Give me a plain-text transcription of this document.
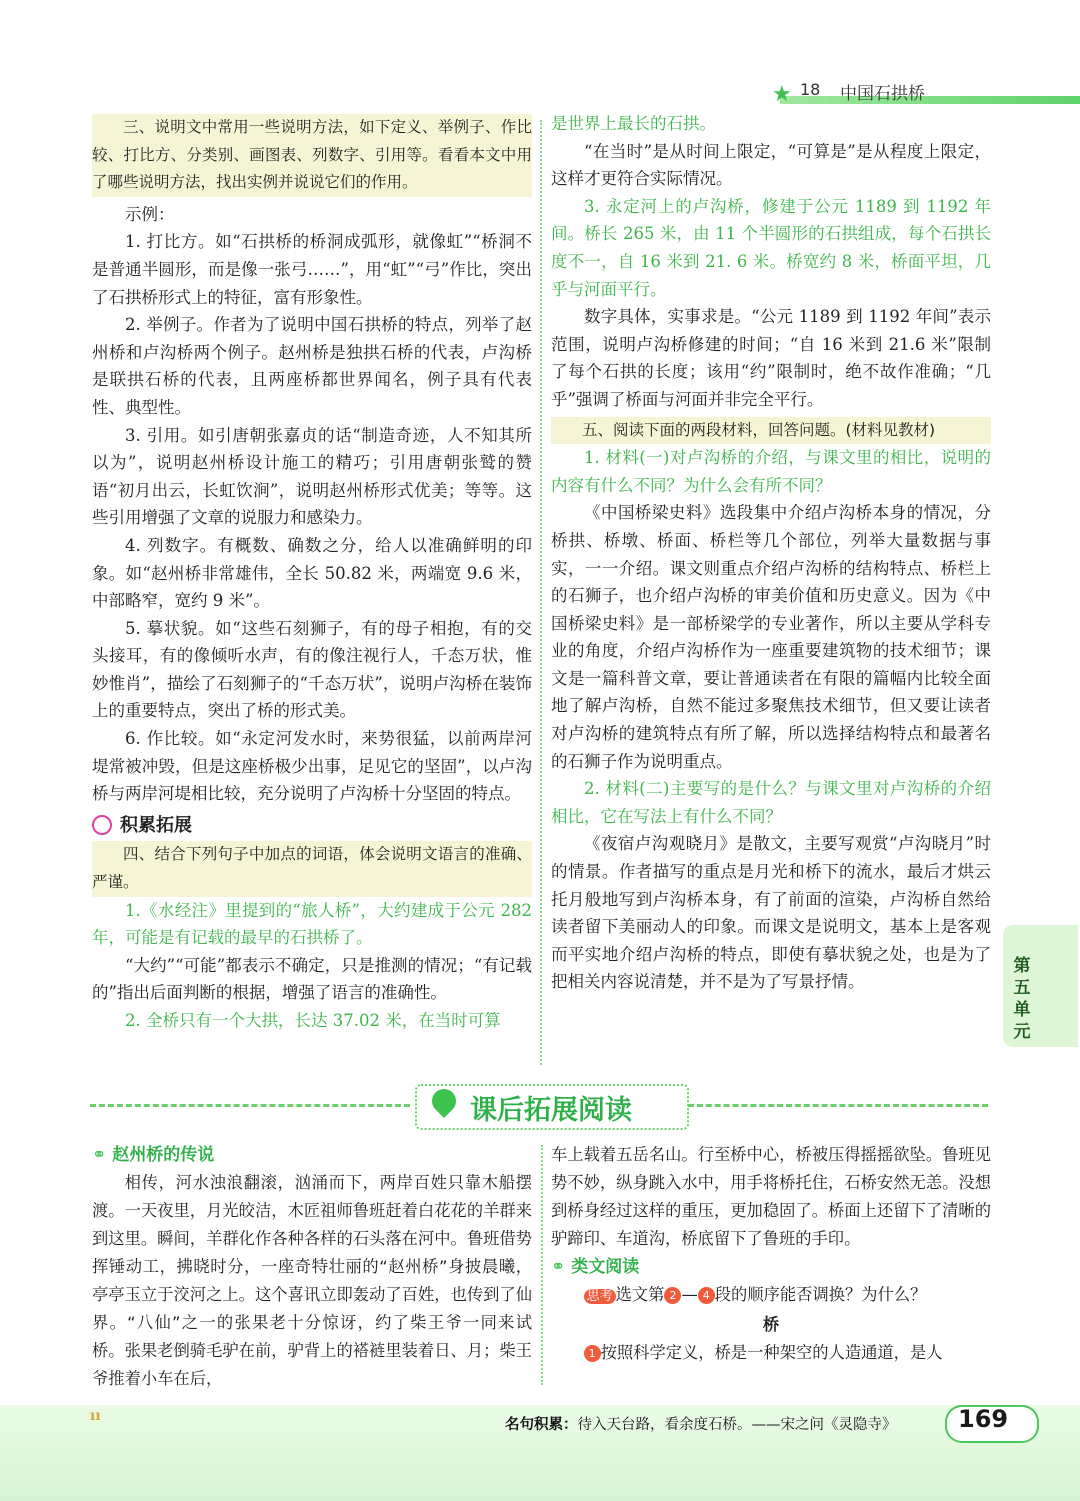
★ 18 中国石拱桥

三、说明文中常用一些说明方法，如下定义、举例子、作比较、打比方、分类别、画图表、列数字、引用等。看看本文中用了哪些说明方法，找出实例并说说它们的作用。

示例：

1. 打比方。如“石拱桥的桥洞成弧形，就像虹”“桥洞不是普通半圆形，而是像一张弓……”，用“虹”“弓”作比，突出了石拱桥形式上的特征，富有形象性。

2. 举例子。作者为了说明中国石拱桥的特点，列举了赵州桥和卢沟桥两个例子。赵州桥是独拱石桥的代表，卢沟桥是联拱石桥的代表，且两座桥都世界闻名，例子具有代表性、典型性。

3. 引用。如引唐朝张嘉贞的话“制造奇迹，人不知其所以为”，说明赵州桥设计施工的精巧；引用唐朝张鹫的赞语“初月出云，长虹饮涧”，说明赵州桥形式优美；等等。这些引用增强了文章的说服力和感染力。

4. 列数字。有概数、确数之分，给人以准确鲜明的印象。如“赵州桥非常雄伟，全长 50.82 米，两端宽 9.6 米，中部略窄，宽约 9 米”。

5. 摹状貌。如“这些石刻狮子，有的母子相抱，有的交头接耳，有的像倾听水声，有的像注视行人，千态万状，惟妙惟肖”，描绘了石刻狮子的“千态万状”，说明卢沟桥在装饰上的重要特点，突出了桥的形式美。

6. 作比较。如“永定河发水时，来势很猛，以前两岸河堤常被冲毁，但是这座桥极少出事，足见它的坚固”，以卢沟桥与两岸河堤相比较，充分说明了卢沟桥十分坚固的特点。

积累拓展

四、结合下列句子中加点的词语，体会说明文语言的准确、严谨。

1.《水经注》里提到的“旅人桥”，大约建成于公元 282 年，可能是有记载的最早的石拱桥了。

“大约”“可能”都表示不确定，只是推测的情况；“有记载的”指出后面判断的根据，增强了语言的准确性。

2. 全桥只有一个大拱，长达 37.02 米，在当时可算

是世界上最长的石拱。

“在当时”是从时间上限定，“可算是”是从程度上限定，这样才更符合实际情况。

3. 永定河上的卢沟桥，修建于公元 1189 到 1192 年间。桥长 265 米，由 11 个半圆形的石拱组成，每个石拱长度不一，自 16 米到 21. 6 米。桥宽约 8 米，桥面平坦，几乎与河面平行。

数字具体，实事求是。“公元 1189 到 1192 年间”表示范围，说明卢沟桥修建的时间；“自 16 米到 21.6 米”限制了每个石拱的长度；该用“约”限制时，绝不故作准确；“几乎”强调了桥面与河面并非完全平行。

五、阅读下面的两段材料，回答问题。(材料见教材)

1. 材料(一)对卢沟桥的介绍，与课文里的相比，说明的内容有什么不同？为什么会有所不同？

《中国桥梁史料》选段集中介绍卢沟桥本身的情况，分桥拱、桥墩、桥面、桥栏等几个部位，列举大量数据与事实，一一介绍。课文则重点介绍卢沟桥的结构特点、桥栏上的石狮子，也介绍卢沟桥的审美价值和历史意义。因为《中国桥梁史料》是一部桥梁学的专业著作，所以主要从学科专业的角度，介绍卢沟桥作为一座重要建筑物的技术细节；课文是一篇科普文章，要让普通读者在有限的篇幅内比较全面地了解卢沟桥，自然不能过多聚焦技术细节，但又要让读者对卢沟桥的建筑特点有所了解，所以选择结构特点和最著名的石狮子作为说明重点。

2. 材料(二)主要写的是什么？与课文里对卢沟桥的介绍相比，它在写法上有什么不同？

《夜宿卢沟观晓月》是散文，主要写观赏“卢沟晓月”时的情景。作者描写的重点是月光和桥下的流水，最后才烘云托月般地写到卢沟桥本身，有了前面的渲染，卢沟桥自然给读者留下美丽动人的印象。而课文是说明文，基本上是客观而平实地介绍卢沟桥的特点，即使有摹状貌之处，也是为了把相关内容说清楚，并不是为了写景抒情。

第五单元
课后拓展阅读

⚭ 赵州桥的传说

相传，河水浊浪翻滚，汹涌而下，两岸百姓只靠木船摆渡。一天夜里，月光皎洁，木匠祖师鲁班赶着白花花的羊群来到这里。瞬间，羊群化作各种各样的石头落在河中。鲁班借势挥锤动工，拂晓时分，一座奇特壮丽的“赵州桥”身披晨曦，亭亭玉立于洨河之上。这个喜讯立即轰动了百姓，也传到了仙界。“八仙”之一的张果老十分惊讶，约了柴王爷一同来试桥。张果老倒骑毛驴在前，驴背上的褡裢里装着日、月；柴王爷推着小车在后，

车上载着五岳名山。行至桥中心，桥被压得摇摇欲坠。鲁班见势不妙，纵身跳入水中，用手将桥托住，石桥安然无恙。没想到桥身经过这样的重压，更加稳固了。桥面上还留下了清晰的驴蹄印、车道沟，桥底留下了鲁班的手印。

⚭ 类文阅读

思考 选文第 2 — 4 段的顺序能否调换？为什么？

桥

1 按照科学定义，桥是一种架空的人造通道，是人

ıı
名句积累：待入天台路，看余度石桥。——宋之问《灵隐寺》	169
